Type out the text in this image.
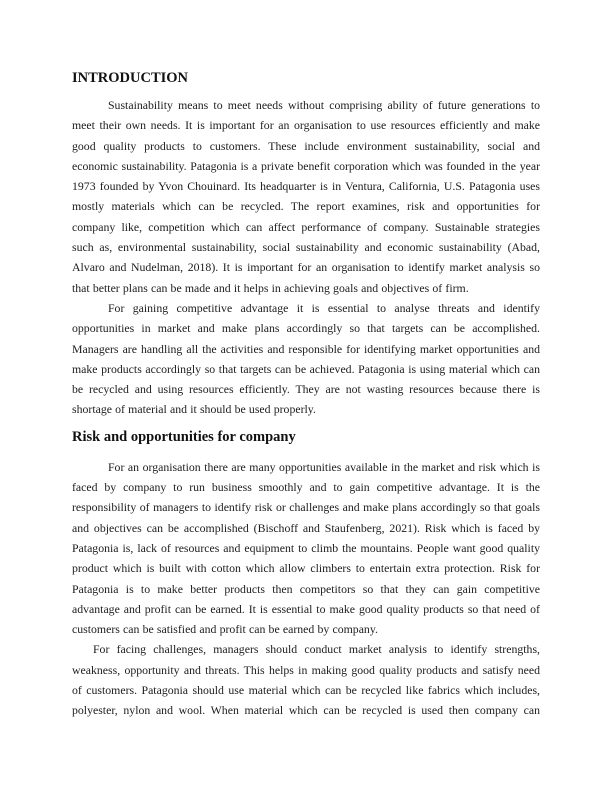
INTRODUCTION
Sustainability means to meet needs without comprising ability of future generations to
meet their own needs. It is important for an organisation to use resources efficiently and make
good quality products to customers. These include environment sustainability, social and
economic sustainability. Patagonia is a private benefit corporation which was founded in the year
1973 founded by Yvon Chouinard. Its headquarter is in Ventura, California, U.S. Patagonia uses
mostly materials which can be recycled. The report examines, risk and opportunities for
company like, competition which can affect performance of company. Sustainable strategies
such as, environmental sustainability, social sustainability and economic sustainability (Abad,
Alvaro and Nudelman, 2018). It is important for an organisation to identify market analysis so
that better plans can be made and it helps in achieving goals and objectives of firm.
For gaining competitive advantage it is essential to analyse threats and identify
opportunities in market and make plans accordingly so that targets can be accomplished.
Managers are handling all the activities and responsible for identifying market opportunities and
make products accordingly so that targets can be achieved. Patagonia is using material which can
be recycled and using resources efficiently. They are not wasting resources because there is
shortage of material and it should be used properly.
Risk and opportunities for company
For an organisation there are many opportunities available in the market and risk which is
faced by company to run business smoothly and to gain competitive advantage. It is the
responsibility of managers to identify risk or challenges and make plans accordingly so that goals
and objectives can be accomplished (Bischoff and Staufenberg, 2021). Risk which is faced by
Patagonia is, lack of resources and equipment to climb the mountains. People want good quality
product which is built with cotton which allow climbers to entertain extra protection. Risk for
Patagonia is to make better products then competitors so that they can gain competitive
advantage and profit can be earned. It is essential to make good quality products so that need of
customers can be satisfied and profit can be earned by company.
For facing challenges, managers should conduct market analysis to identify strengths,
weakness, opportunity and threats. This helps in making good quality products and satisfy need
of customers. Patagonia should use material which can be recycled like fabrics which includes,
polyester, nylon and wool. When material which can be recycled is used then company can
